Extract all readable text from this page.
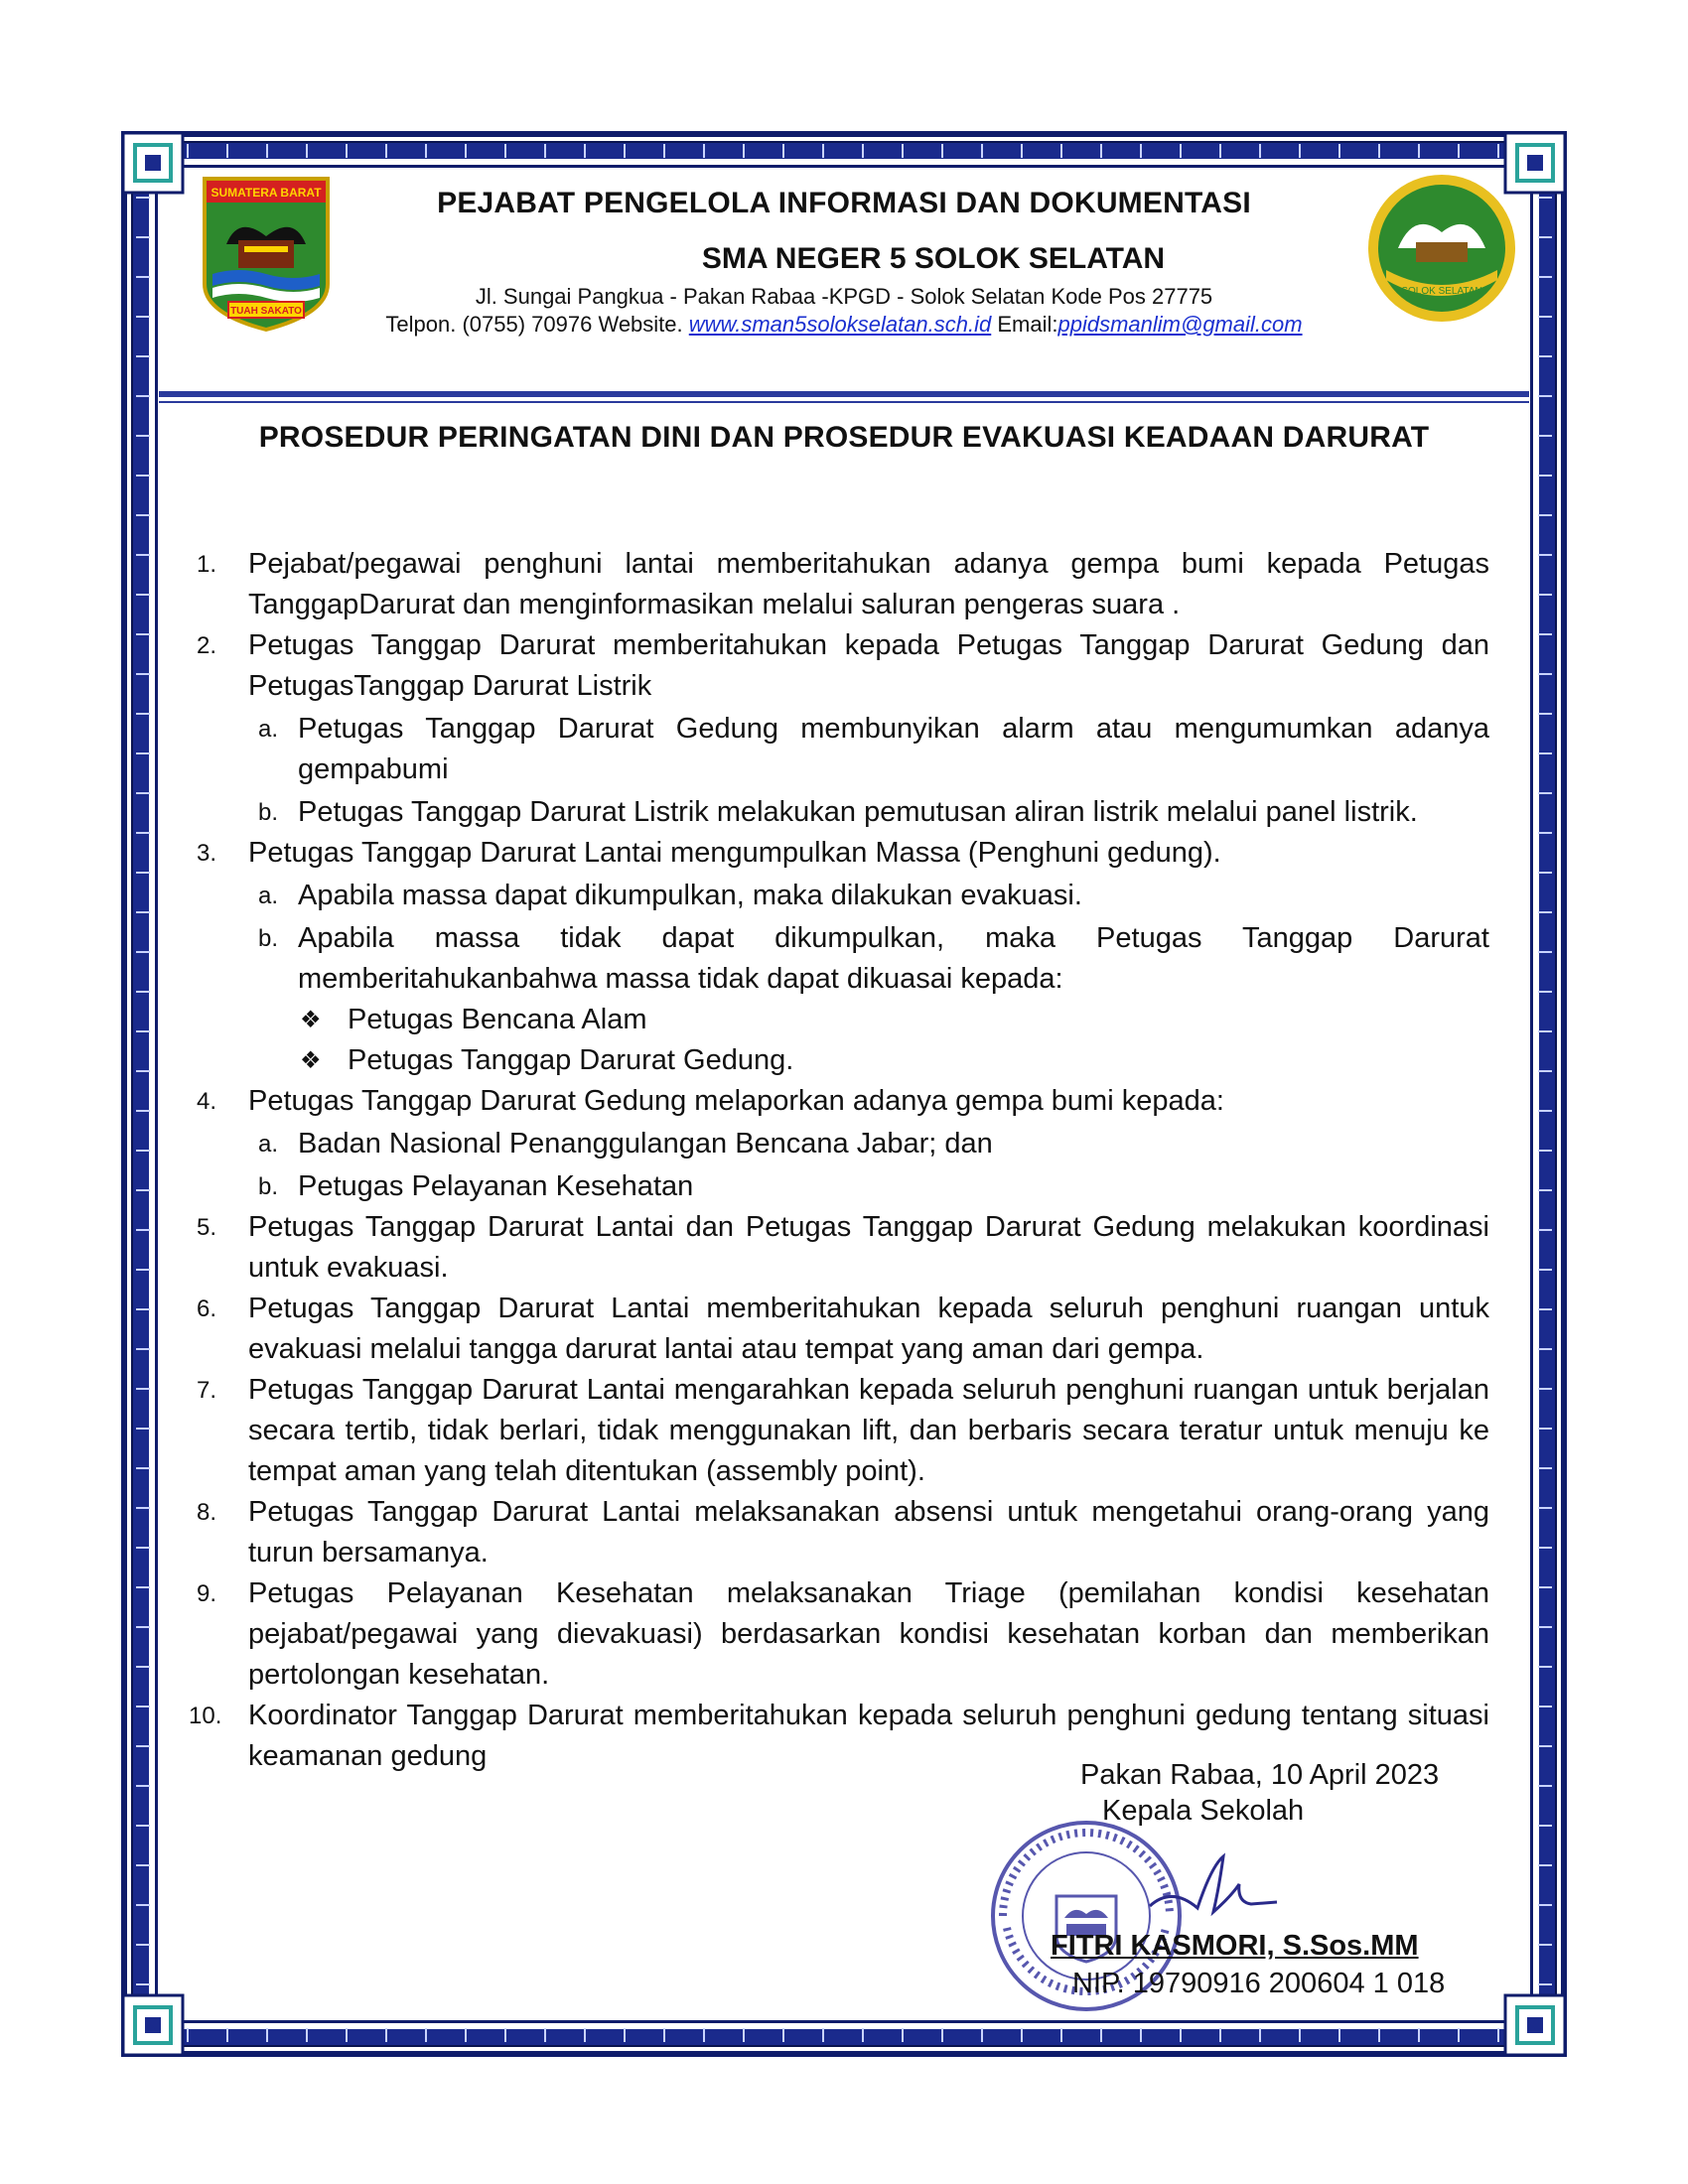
SUMATERA BARAT
TUAH SAKATO
SOLOK SELATAN
PEJABAT PENGELOLA INFORMASI DAN DOKUMENTASI
SMA NEGER 5 SOLOK SELATAN
Jl. Sungai Pangkua - Pakan Rabaa -KPGD - Solok Selatan Kode Pos 27775
Telpon. (0755) 70976 Website. www.sman5solokselatan.sch.id Email:ppidsmanlim@gmail.com
PROSEDUR PERINGATAN DINI DAN PROSEDUR EVAKUASI KEADAAN DARURAT
1.	Pejabat/pegawai penghuni lantai memberitahukan adanya gempa bumi kepada Petugas TanggapDarurat dan menginformasikan melalui saluran pengeras suara .
2.	Petugas Tanggap Darurat memberitahukan kepada Petugas Tanggap Darurat Gedung dan PetugasTanggap Darurat Listrik
a. Petugas Tanggap Darurat Gedung membunyikan alarm atau mengumumkan adanya gempabumi
b. Petugas Tanggap Darurat Listrik melakukan pemutusan aliran listrik melalui panel listrik.
3.	Petugas Tanggap Darurat Lantai mengumpulkan Massa (Penghuni gedung).
a. Apabila massa dapat dikumpulkan, maka dilakukan evakuasi.
b. Apabila massa tidak dapat dikumpulkan, maka Petugas Tanggap Darurat memberitahukanbahwa massa tidak dapat dikuasai kepada:
❖ Petugas Bencana Alam
❖ Petugas Tanggap Darurat Gedung.
4.	Petugas Tanggap Darurat Gedung melaporkan adanya gempa bumi kepada:
a. Badan Nasional Penanggulangan Bencana Jabar; dan
b. Petugas Pelayanan Kesehatan
5.	Petugas Tanggap Darurat Lantai dan Petugas Tanggap Darurat Gedung melakukan koordinasi untuk evakuasi.
6.	Petugas Tanggap Darurat Lantai memberitahukan kepada seluruh penghuni ruangan untuk evakuasi melalui tangga darurat lantai atau tempat yang aman dari gempa.
7.	Petugas Tanggap Darurat Lantai mengarahkan kepada seluruh penghuni ruangan untuk berjalan secara tertib, tidak berlari, tidak menggunakan lift, dan berbaris secara teratur untuk menuju ke tempat aman yang telah ditentukan (assembly point).
8.	Petugas Tanggap Darurat Lantai melaksanakan absensi untuk mengetahui orang-orang yang turun bersamanya.
9.	Petugas Pelayanan Kesehatan melaksanakan Triage (pemilahan kondisi kesehatan pejabat/pegawai yang dievakuasi) berdasarkan kondisi kesehatan korban dan memberikan pertolongan kesehatan.
10. Koordinator Tanggap Darurat memberitahukan kepada seluruh penghuni gedung tentang situasi keamanan gedung
Pakan Rabaa, 10 April 2023
Kepala Sekolah
FITRI KASMORI, S.Sos.MM
NIP. 19790916 200604 1 018
